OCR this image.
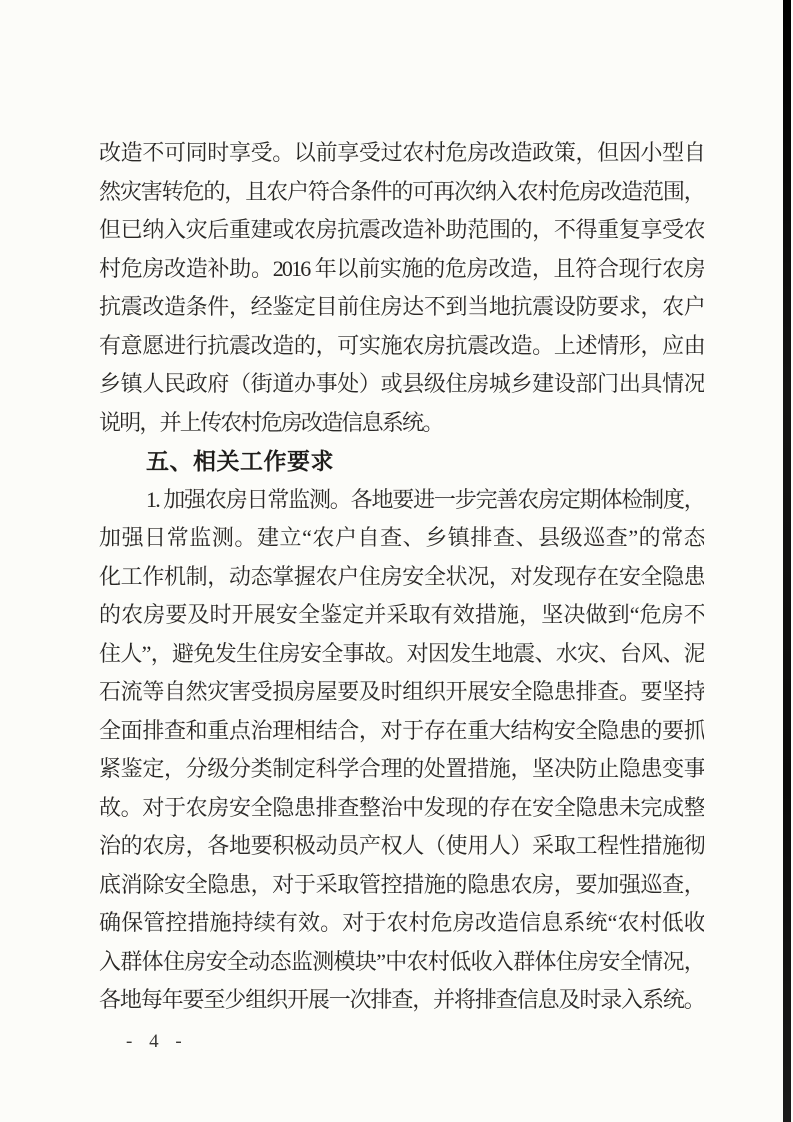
改造不可同时享受。以前享受过农村危房改造政策，但因小型自
然灾害转危的，且农户符合条件的可再次纳入农村危房改造范围，
但已纳入灾后重建或农房抗震改造补助范围的，不得重复享受农
村危房改造补助。2016 年以前实施的危房改造，且符合现行农房
抗震改造条件，经鉴定目前住房达不到当地抗震设防要求，农户
有意愿进行抗震改造的，可实施农房抗震改造。上述情形，应由
乡镇人民政府（街道办事处）或县级住房城乡建设部门出具情况
说明，并上传农村危房改造信息系统。
五、相关工作要求
1. 加强农房日常监测。各地要进一步完善农房定期体检制度，
加强日常监测。建立“农户自查、乡镇排查、县级巡查”的常态
化工作机制，动态掌握农户住房安全状况，对发现存在安全隐患
的农房要及时开展安全鉴定并采取有效措施，坚决做到“危房不
住人”，避免发生住房安全事故。对因发生地震、水灾、台风、泥
石流等自然灾害受损房屋要及时组织开展安全隐患排查。要坚持
全面排查和重点治理相结合，对于存在重大结构安全隐患的要抓
紧鉴定，分级分类制定科学合理的处置措施，坚决防止隐患变事
故。对于农房安全隐患排查整治中发现的存在安全隐患未完成整
治的农房，各地要积极动员产权人（使用人）采取工程性措施彻
底消除安全隐患，对于采取管控措施的隐患农房，要加强巡查，
确保管控措施持续有效。对于农村危房改造信息系统“农村低收
入群体住房安全动态监测模块”中农村低收入群体住房安全情况，
各地每年要至少组织开展一次排查，并将排查信息及时录入系统。
- 4 -
